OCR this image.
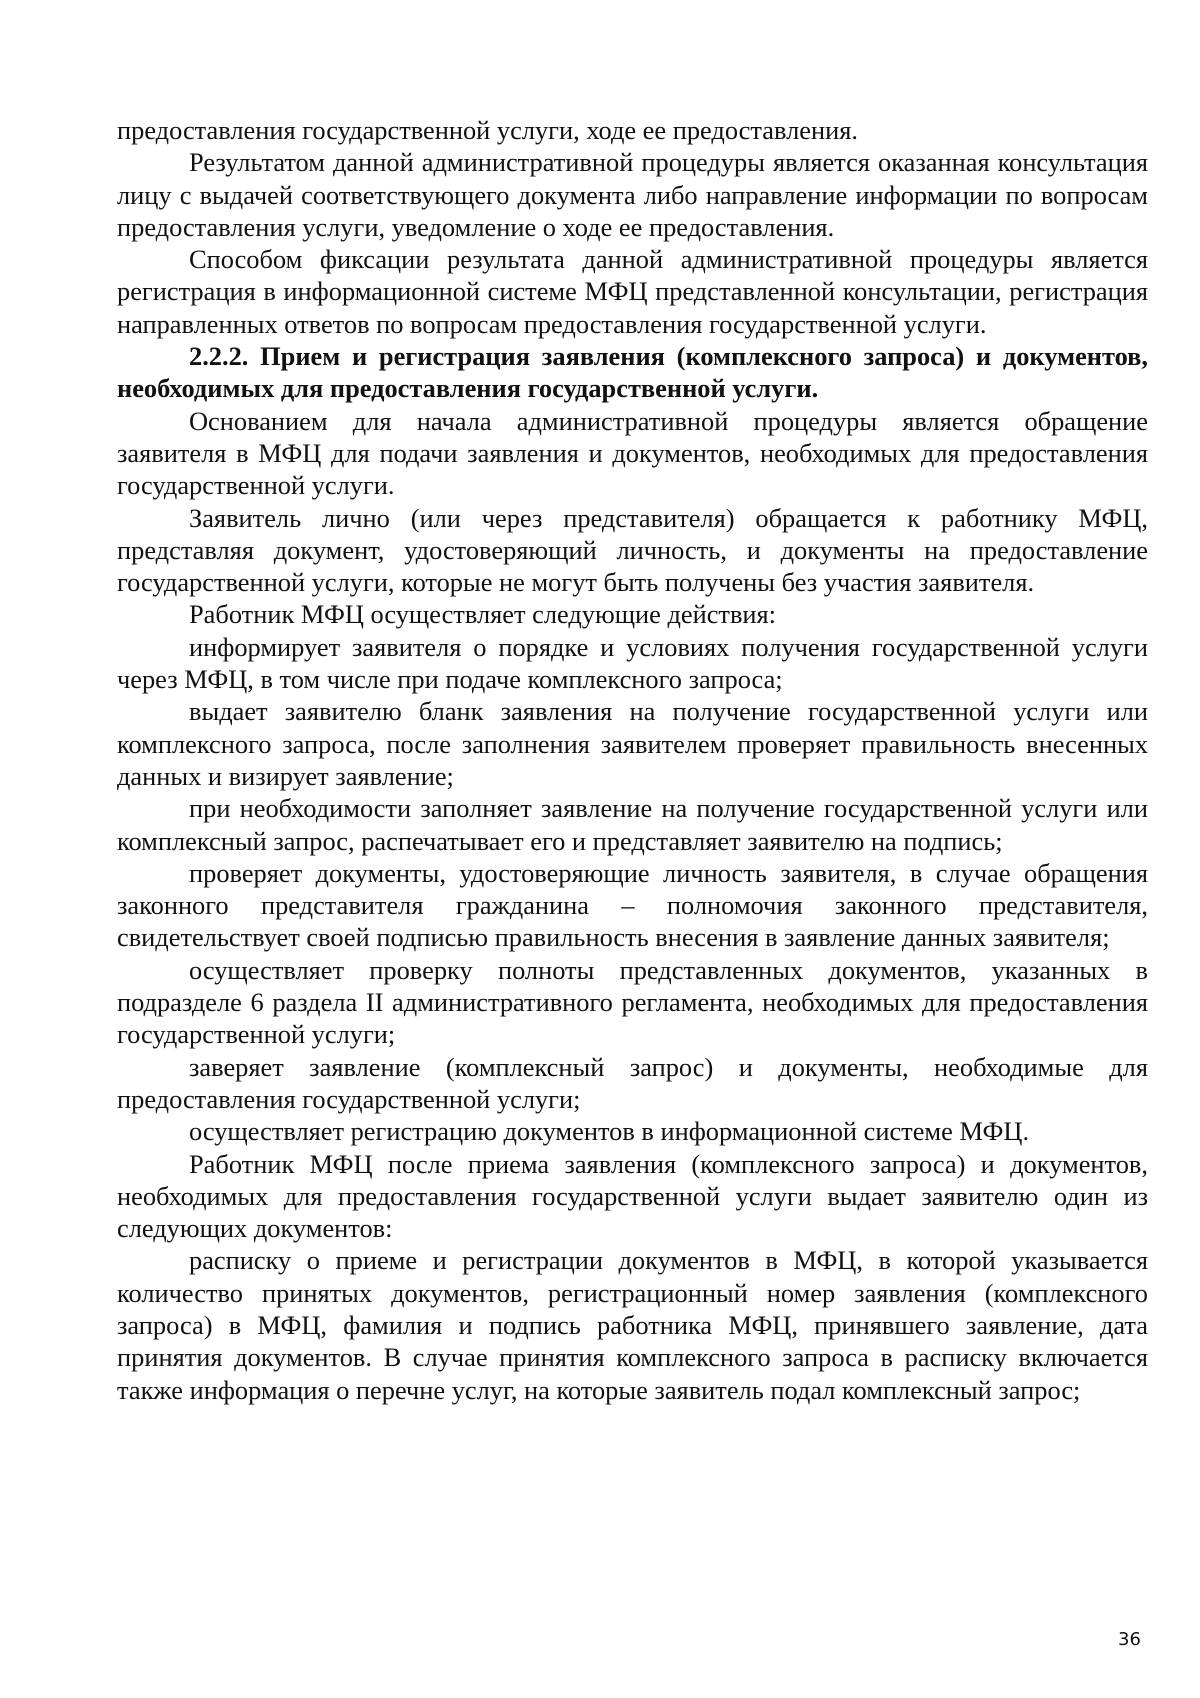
предоставления государственной услуги, ходе ее предоставления.

Результатом данной административной процедуры является оказанная консультация лицу с выдачей соответствующего документа либо направление информации по вопросам предоставления услуги, уведомление о ходе ее предоставления.

Способом фиксации результата данной административной процедуры является регистрация в информационной системе МФЦ представленной консультации, регистрация направленных ответов по вопросам предоставления государственной услуги.

2.2.2. Прием и регистрация заявления (комплексного запроса) и документов, необходимых для предоставления государственной услуги.

Основанием для начала административной процедуры является обращение заявителя в МФЦ для подачи заявления и документов, необходимых для предоставления государственной услуги.

Заявитель лично (или через представителя) обращается к работнику МФЦ, представляя документ, удостоверяющий личность, и документы на предоставление государственной услуги, которые не могут быть получены без участия заявителя.

Работник МФЦ осуществляет следующие действия:

информирует заявителя о порядке и условиях получения государственной услуги через МФЦ, в том числе при подаче комплексного запроса;

выдает заявителю бланк заявления на получение государственной услуги или комплексного запроса, после заполнения заявителем проверяет правильность внесенных данных и визирует заявление;

при необходимости заполняет заявление на получение государственной услуги или комплексный запрос, распечатывает его и представляет заявителю на подпись;

проверяет документы, удостоверяющие личность заявителя, в случае обращения законного представителя гражданина – полномочия законного представителя, свидетельствует своей подписью правильность внесения в заявление данных заявителя;

осуществляет проверку полноты представленных документов, указанных в подразделе 6 раздела II административного регламента, необходимых для предоставления государственной услуги;

заверяет заявление (комплексный запрос) и документы, необходимые для предоставления государственной услуги;

осуществляет регистрацию документов в информационной системе МФЦ.

Работник МФЦ после приема заявления (комплексного запроса) и документов, необходимых для предоставления государственной услуги выдает заявителю один из следующих документов:

расписку о приеме и регистрации документов в МФЦ, в которой указывается количество принятых документов, регистрационный номер заявления (комплексного запроса) в МФЦ, фамилия и подпись работника МФЦ, принявшего заявление, дата принятия документов. В случае принятия комплексного запроса в расписку включается также информация о перечне услуг, на которые заявитель подал комплексный запрос;

36
